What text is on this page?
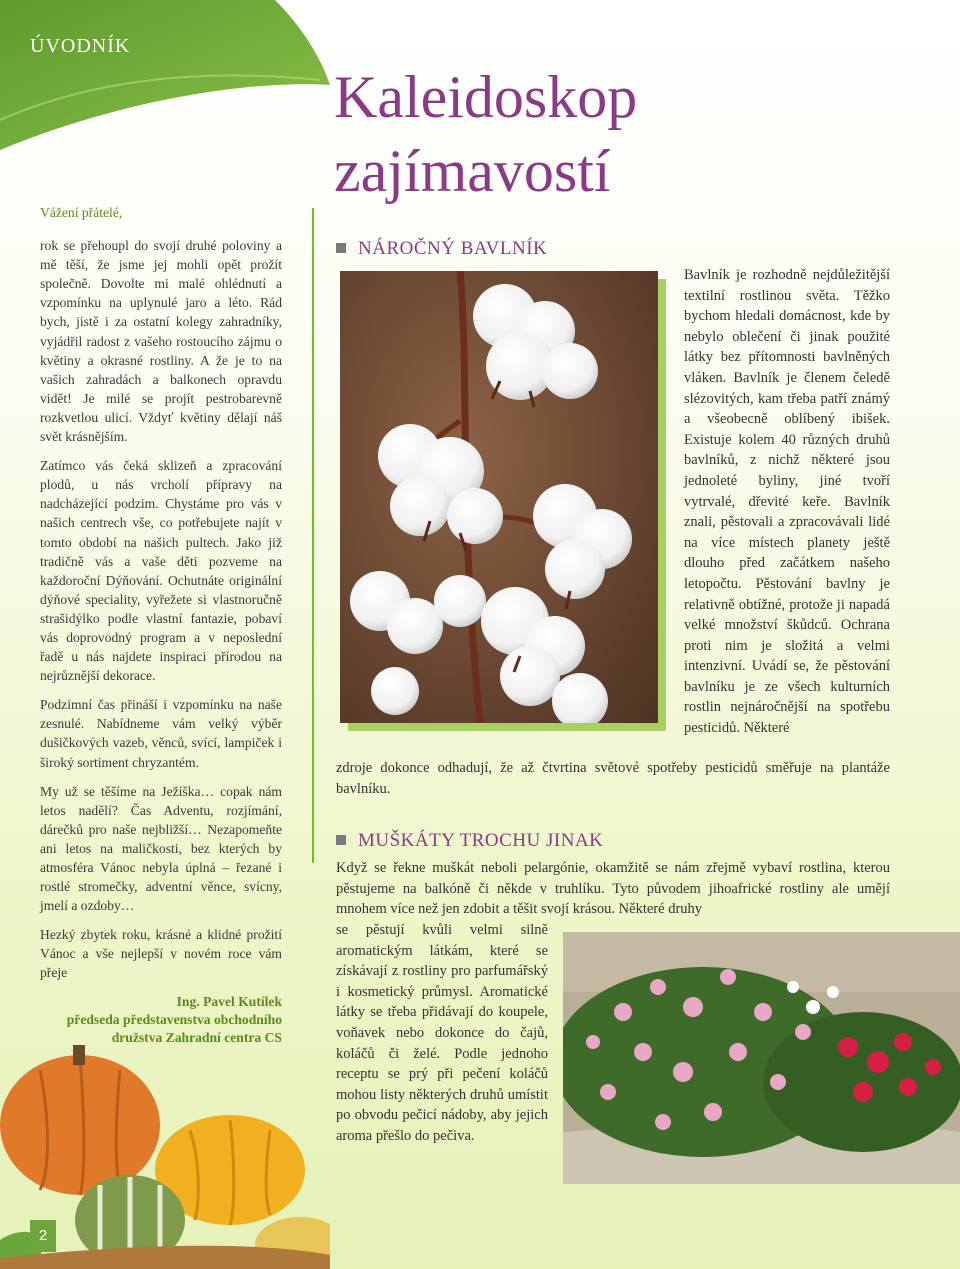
ÚVODNÍK

Vážení přátelé,

rok se přehoupl do svojí druhé poloviny a mě těší, že jsme jej mohli opět prožít společně. Dovolte mi malé ohlédnutí a vzpomínku na uplynulé jaro a léto. Rád bych, jistě i za ostatní kolegy zahradníky, vyjádřil radost z vašeho rostoucího zájmu o květiny a okrasné rostliny. A že je to na vašich zahradách a balkonech opravdu vidět! Je milé se projít pestrobarevně rozkvetlou ulicí. Vždyť květiny dělají náš svět krásnějším.

Zatímco vás čeká sklizeň a zpracování plodů, u nás vrcholí přípravy na nadcházející podzim. Chystáme pro vás v našich centrech vše, co potřebujete najít v tomto období na našich pultech. Jako již tradičně vás a vaše děti pozveme na každoroční Dýňování. Ochutnáte originální dýňové speciality, vyřežete si vlastnoručně strašidýlko podle vlastní fantazie, pobaví vás doprovodný program a v neposlední řadě u nás najdete inspiraci přírodou na nejrůznější dekorace.

Podzimní čas přináší i vzpomínku na naše zesnulé. Nabídneme vám velký výběr dušičkových vazeb, věnců, svící, lampiček i široký sortiment chryzantém.

My už se těšíme na Ježíška… copak nám letos nadělí? Čas Adventu, rozjímání, dárečků pro naše nejbližší… Nezapomeňte ani letos na maličkosti, bez kterých by atmosféra Vánoc nebyla úplná – řezané i rostlé stromečky, adventní věnce, svícny, jmelí a ozdoby…

Hezký zbytek roku, krásné a klidné prožití Vánoc a vše nejlepší v novém roce vám přeje

Ing. Pavel Kutílek
předseda představenstva obchodního
družstva Zahradní centra CS
Kaleidoskop
zajímavostí
NÁROČNÝ BAVLNÍK
Bavlník je rozhodně nejdůležitější textilní rostlinou světa. Těžko bychom hledali domácnost, kde by nebylo oblečení či jinak použité látky bez přítomnosti bavlněných vláken. Bavlník je členem čeledě slézovitých, kam třeba patří známý a všeobecně oblíbený ibišek. Existuje kolem 40 různých druhů bavlníků, z nichž některé jsou jednoleté byliny, jiné tvoří vytrvalé, dřevité keře. Bavlník znali, pěstovali a zpracovávali lidé na více místech planety ještě dlouho před začátkem našeho letopočtu. Pěstování bavlny je relativně obtížné, protože ji napadá velké množství škůdců. Ochrana proti nim je složitá a velmi intenzivní. Uvádí se, že pěstování bavlníku je ze všech kulturních rostlin nejnáročnější na spotřebu pesticidů. Některé
zdroje dokonce odhadují, že až čtvrtina světové spotřeby pesticidů směřuje na plantáže bavlníku.
MUŠKÁTY TROCHU JINAK
Když se řekne muškát neboli pelargónie, okamžitě se nám zřejmě vybaví rostlina, kterou pěstujeme na balkóně či někde v truhlíku. Tyto původem jihoafrické rostliny ale umějí mnohem více než jen zdobit a těšit svojí krásou. Některé druhy
se pěstují kvůli velmi silně aromatickým látkám, které se získávají z rostliny pro parfumářský i kosmetický průmysl. Aromatické látky se třeba přidávají do koupele, voňavek nebo dokonce do čajů, koláčů či želé. Podle jednoho receptu se prý při pečení koláčů mohou listy některých druhů umístit po obvodu pečicí nádoby, aby jejich aroma přešlo do pečiva.
2
